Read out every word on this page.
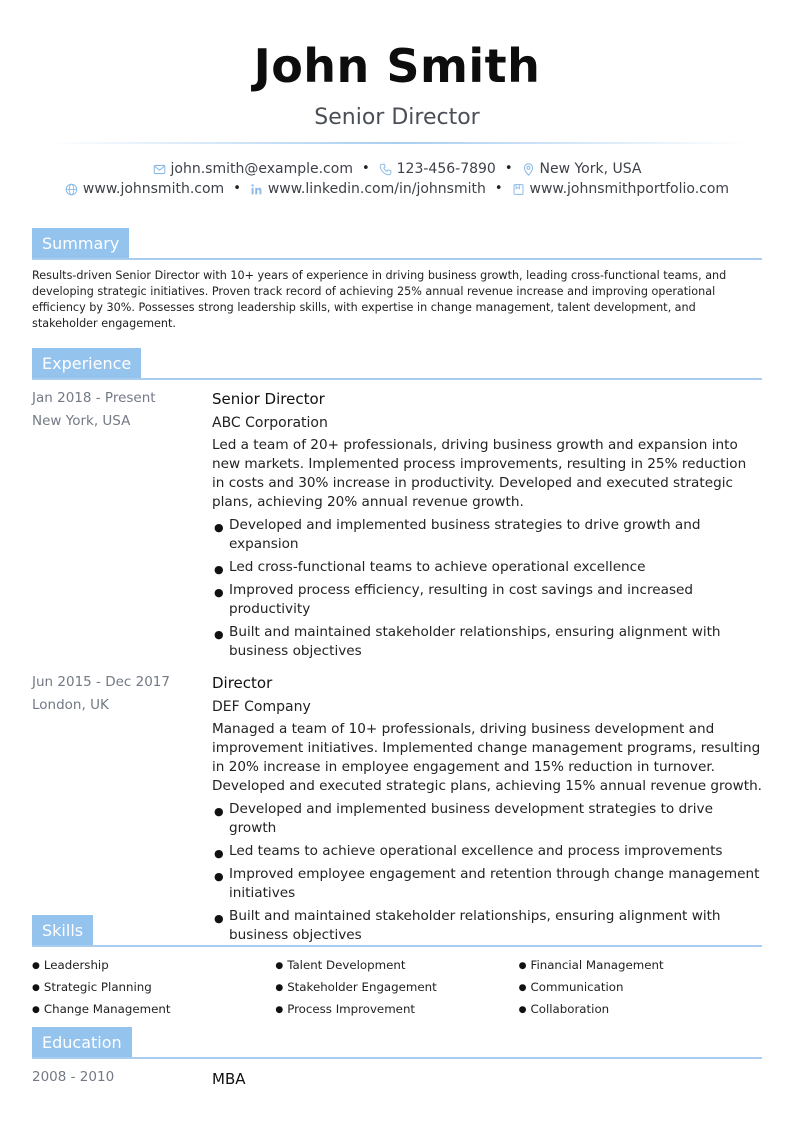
John Smith
Senior Director
john.smith@example.com • 123-456-7890 • New York, USA
www.johnsmith.com • www.linkedin.com/in/johnsmith • www.johnsmithportfolio.com
Summary
Results-driven Senior Director with 10+ years of experience in driving business growth, leading cross-functional teams, and developing strategic initiatives. Proven track record of achieving 25% annual revenue increase and improving operational efficiency by 30%. Possesses strong leadership skills, with expertise in change management, talent development, and stakeholder engagement.
Experience
Jan 2018 - Present
New York, USA
Senior Director
ABC Corporation
Led a team of 20+ professionals, driving business growth and expansion into new markets. Implemented process improvements, resulting in 25% reduction in costs and 30% increase in productivity. Developed and executed strategic plans, achieving 20% annual revenue growth.
● Developed and implemented business strategies to drive growth and expansion
● Led cross-functional teams to achieve operational excellence
● Improved process efficiency, resulting in cost savings and increased productivity
● Built and maintained stakeholder relationships, ensuring alignment with business objectives
Jun 2015 - Dec 2017
London, UK
Director
DEF Company
Managed a team of 10+ professionals, driving business development and improvement initiatives. Implemented change management programs, resulting in 20% increase in employee engagement and 15% reduction in turnover. Developed and executed strategic plans, achieving 15% annual revenue growth.
● Developed and implemented business development strategies to drive growth
● Led teams to achieve operational excellence and process improvements
● Improved employee engagement and retention through change management initiatives
● Built and maintained stakeholder relationships, ensuring alignment with business objectives
Skills
● Leadership
● Strategic Planning
● Change Management
● Talent Development
● Stakeholder Engagement
● Process Improvement
● Financial Management
● Communication
● Collaboration
Education
2008 - 2010	MBA
